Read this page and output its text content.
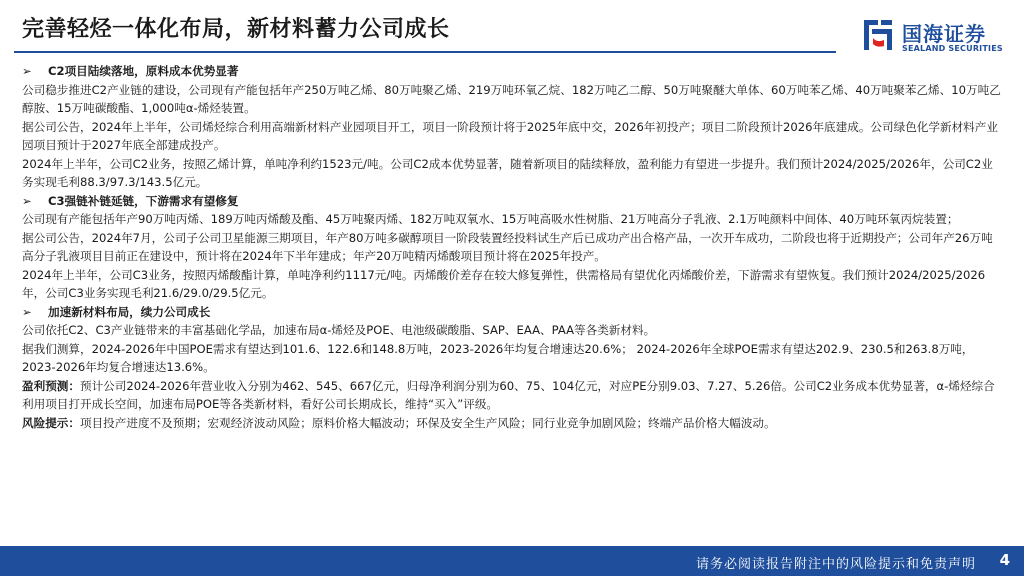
完善轻烃一体化布局，新材料蓄力公司成长	国海证券
SEALAND SECURITIES

➢ C2项目陆续落地，原料成本优势显著

公司稳步推进C2产业链的建设，公司现有产能包括年产250万吨乙烯、80万吨聚乙烯、219万吨环氧乙烷、182万吨乙二醇、50万吨聚醚大单体、60万吨苯乙烯、40万吨聚苯乙烯、10万吨乙醇胺、15万吨碳酸酯、1,000吨α-烯烃装置。

据公司公告，2024年上半年，公司烯烃综合利用高端新材料产业园项目开工，项目一阶段预计将于2025年底中交，2026年初投产；项目二阶段预计2026年底建成。公司绿色化学新材料产业园项目预计于2027年底全部建成投产。

2024年上半年，公司C2业务，按照乙烯计算，单吨净利约1523元/吨。公司C2成本优势显著，随着新项目的陆续释放，盈利能力有望进一步提升。我们预计2024/2025/2026年，公司C2业务实现毛利88.3/97.3/143.5亿元。

➢ C3强链补链延链，下游需求有望修复

公司现有产能包括年产90万吨丙烯、189万吨丙烯酸及酯、45万吨聚丙烯、182万吨双氧水、15万吨高吸水性树脂、21万吨高分子乳液、2.1万吨颜料中间体、40万吨环氧丙烷装置；

据公司公告，2024年7月，公司子公司卫星能源三期项目，年产80万吨多碳醇项目一阶段装置经投料试生产后已成功产出合格产品，一次开车成功，二阶段也将于近期投产；公司年产26万吨高分子乳液项目目前正在建设中，预计将在2024年下半年建成；年产20万吨精丙烯酸项目预计将在2025年投产。

2024年上半年，公司C3业务，按照丙烯酸酯计算，单吨净利约1117元/吨。丙烯酸价差存在较大修复弹性，供需格局有望优化丙烯酸价差，下游需求有望恢复。我们预计2024/2025/2026年，公司C3业务实现毛利21.6/29.0/29.5亿元。

➢ 加速新材料布局，续力公司成长

公司依托C2、C3产业链带来的丰富基础化学品，加速布局α-烯烃及POE、电池级碳酸脂、SAP、EAA、PAA等各类新材料。

据我们测算，2024-2026年中国POE需求有望达到101.6、122.6和148.8万吨，2023-2026年均复合增速达20.6%； 2024-2026年全球POE需求有望达202.9、230.5和263.8万吨，2023-2026年均复合增速达13.6%。

盈利预测：预计公司2024-2026年营业收入分别为462、545、667亿元，归母净利润分别为60、75、104亿元，对应PE分别9.03、7.27、5.26倍。公司C2业务成本优势显著，α-烯烃综合利用项目打开成长空间，加速布局POE等各类新材料，看好公司长期成长，维持“买入”评级。

风险提示：项目投产进度不及预期；宏观经济波动风险；原料价格大幅波动；环保及安全生产风险；同行业竞争加剧风险；终端产品价格大幅波动。

请务必阅读报告附注中的风险提示和免责声明 4
